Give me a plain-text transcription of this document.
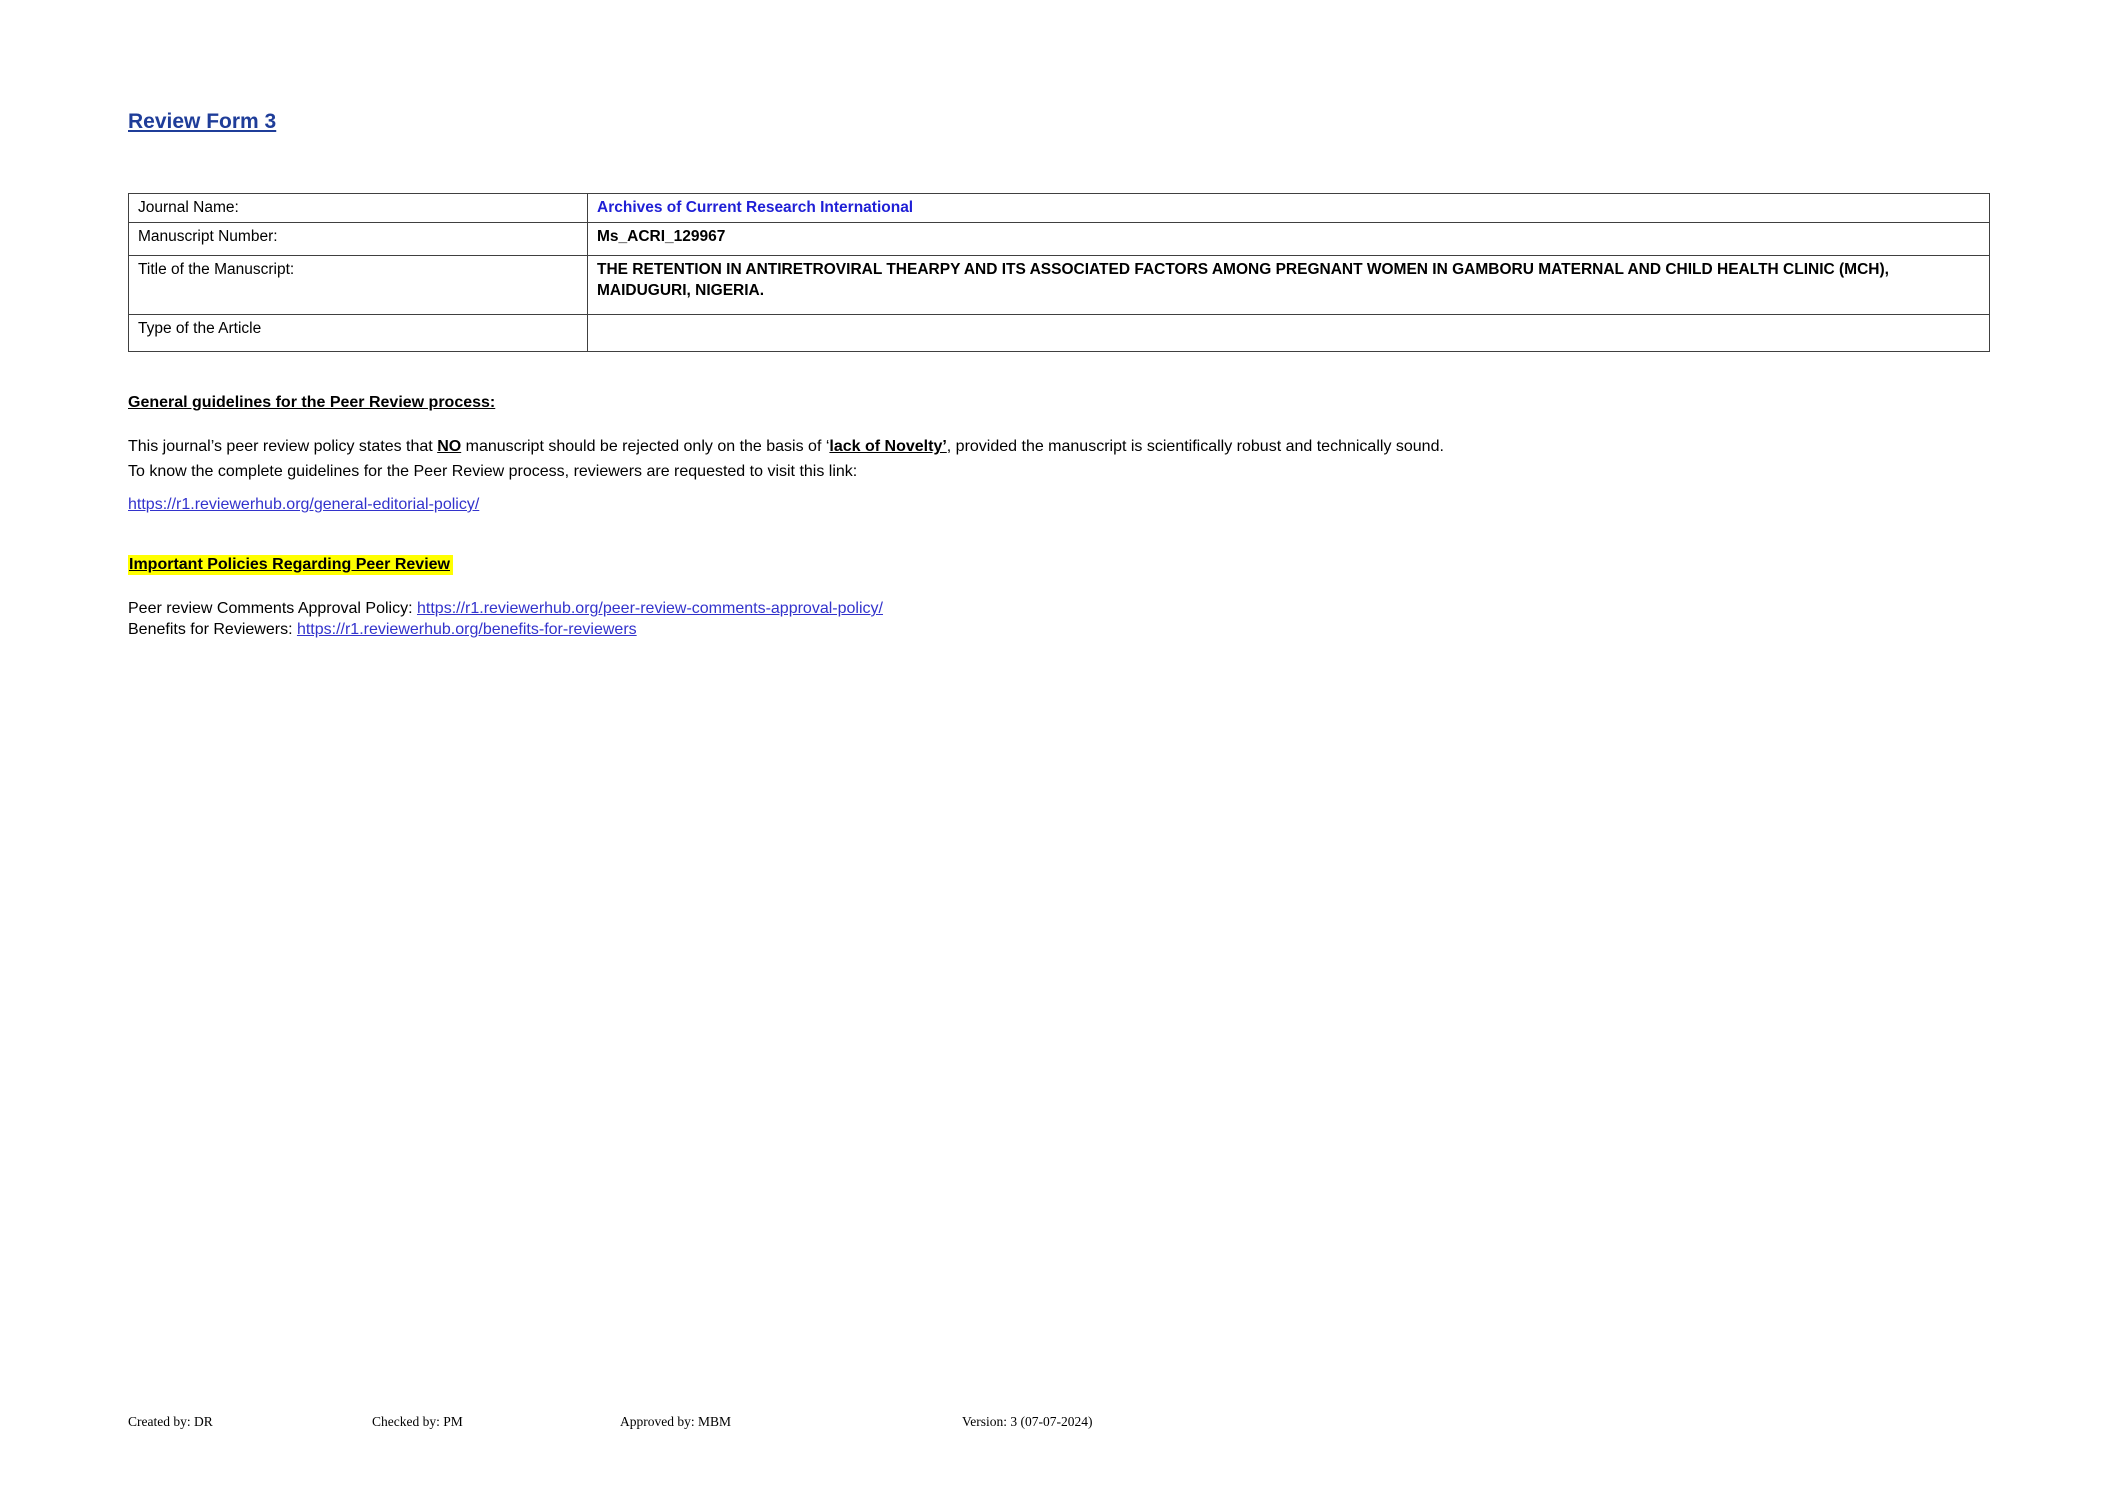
Review Form 3
Journal Name:	Archives of Current Research International
Manuscript Number:	Ms_ACRI_129967
Title of the Manuscript:	THE RETENTION IN ANTIRETROVIRAL THEARPY AND ITS ASSOCIATED FACTORS AMONG PREGNANT WOMEN IN GAMBORU MATERNAL AND CHILD HEALTH CLINIC (MCH), MAIDUGURI, NIGERIA.
Type of the Article	
General guidelines for the Peer Review process:
This journal’s peer review policy states that NO manuscript should be rejected only on the basis of ‘lack of Novelty’, provided the manuscript is scientifically robust and technically sound.
To know the complete guidelines for the Peer Review process, reviewers are requested to visit this link:
https://r1.reviewerhub.org/general-editorial-policy/
Important Policies Regarding Peer Review
Peer review Comments Approval Policy: https://r1.reviewerhub.org/peer-review-comments-approval-policy/
Benefits for Reviewers: https://r1.reviewerhub.org/benefits-for-reviewers
Created by: DR	Checked by: PM	Approved by: MBM	Version: 3 (07-07-2024)
